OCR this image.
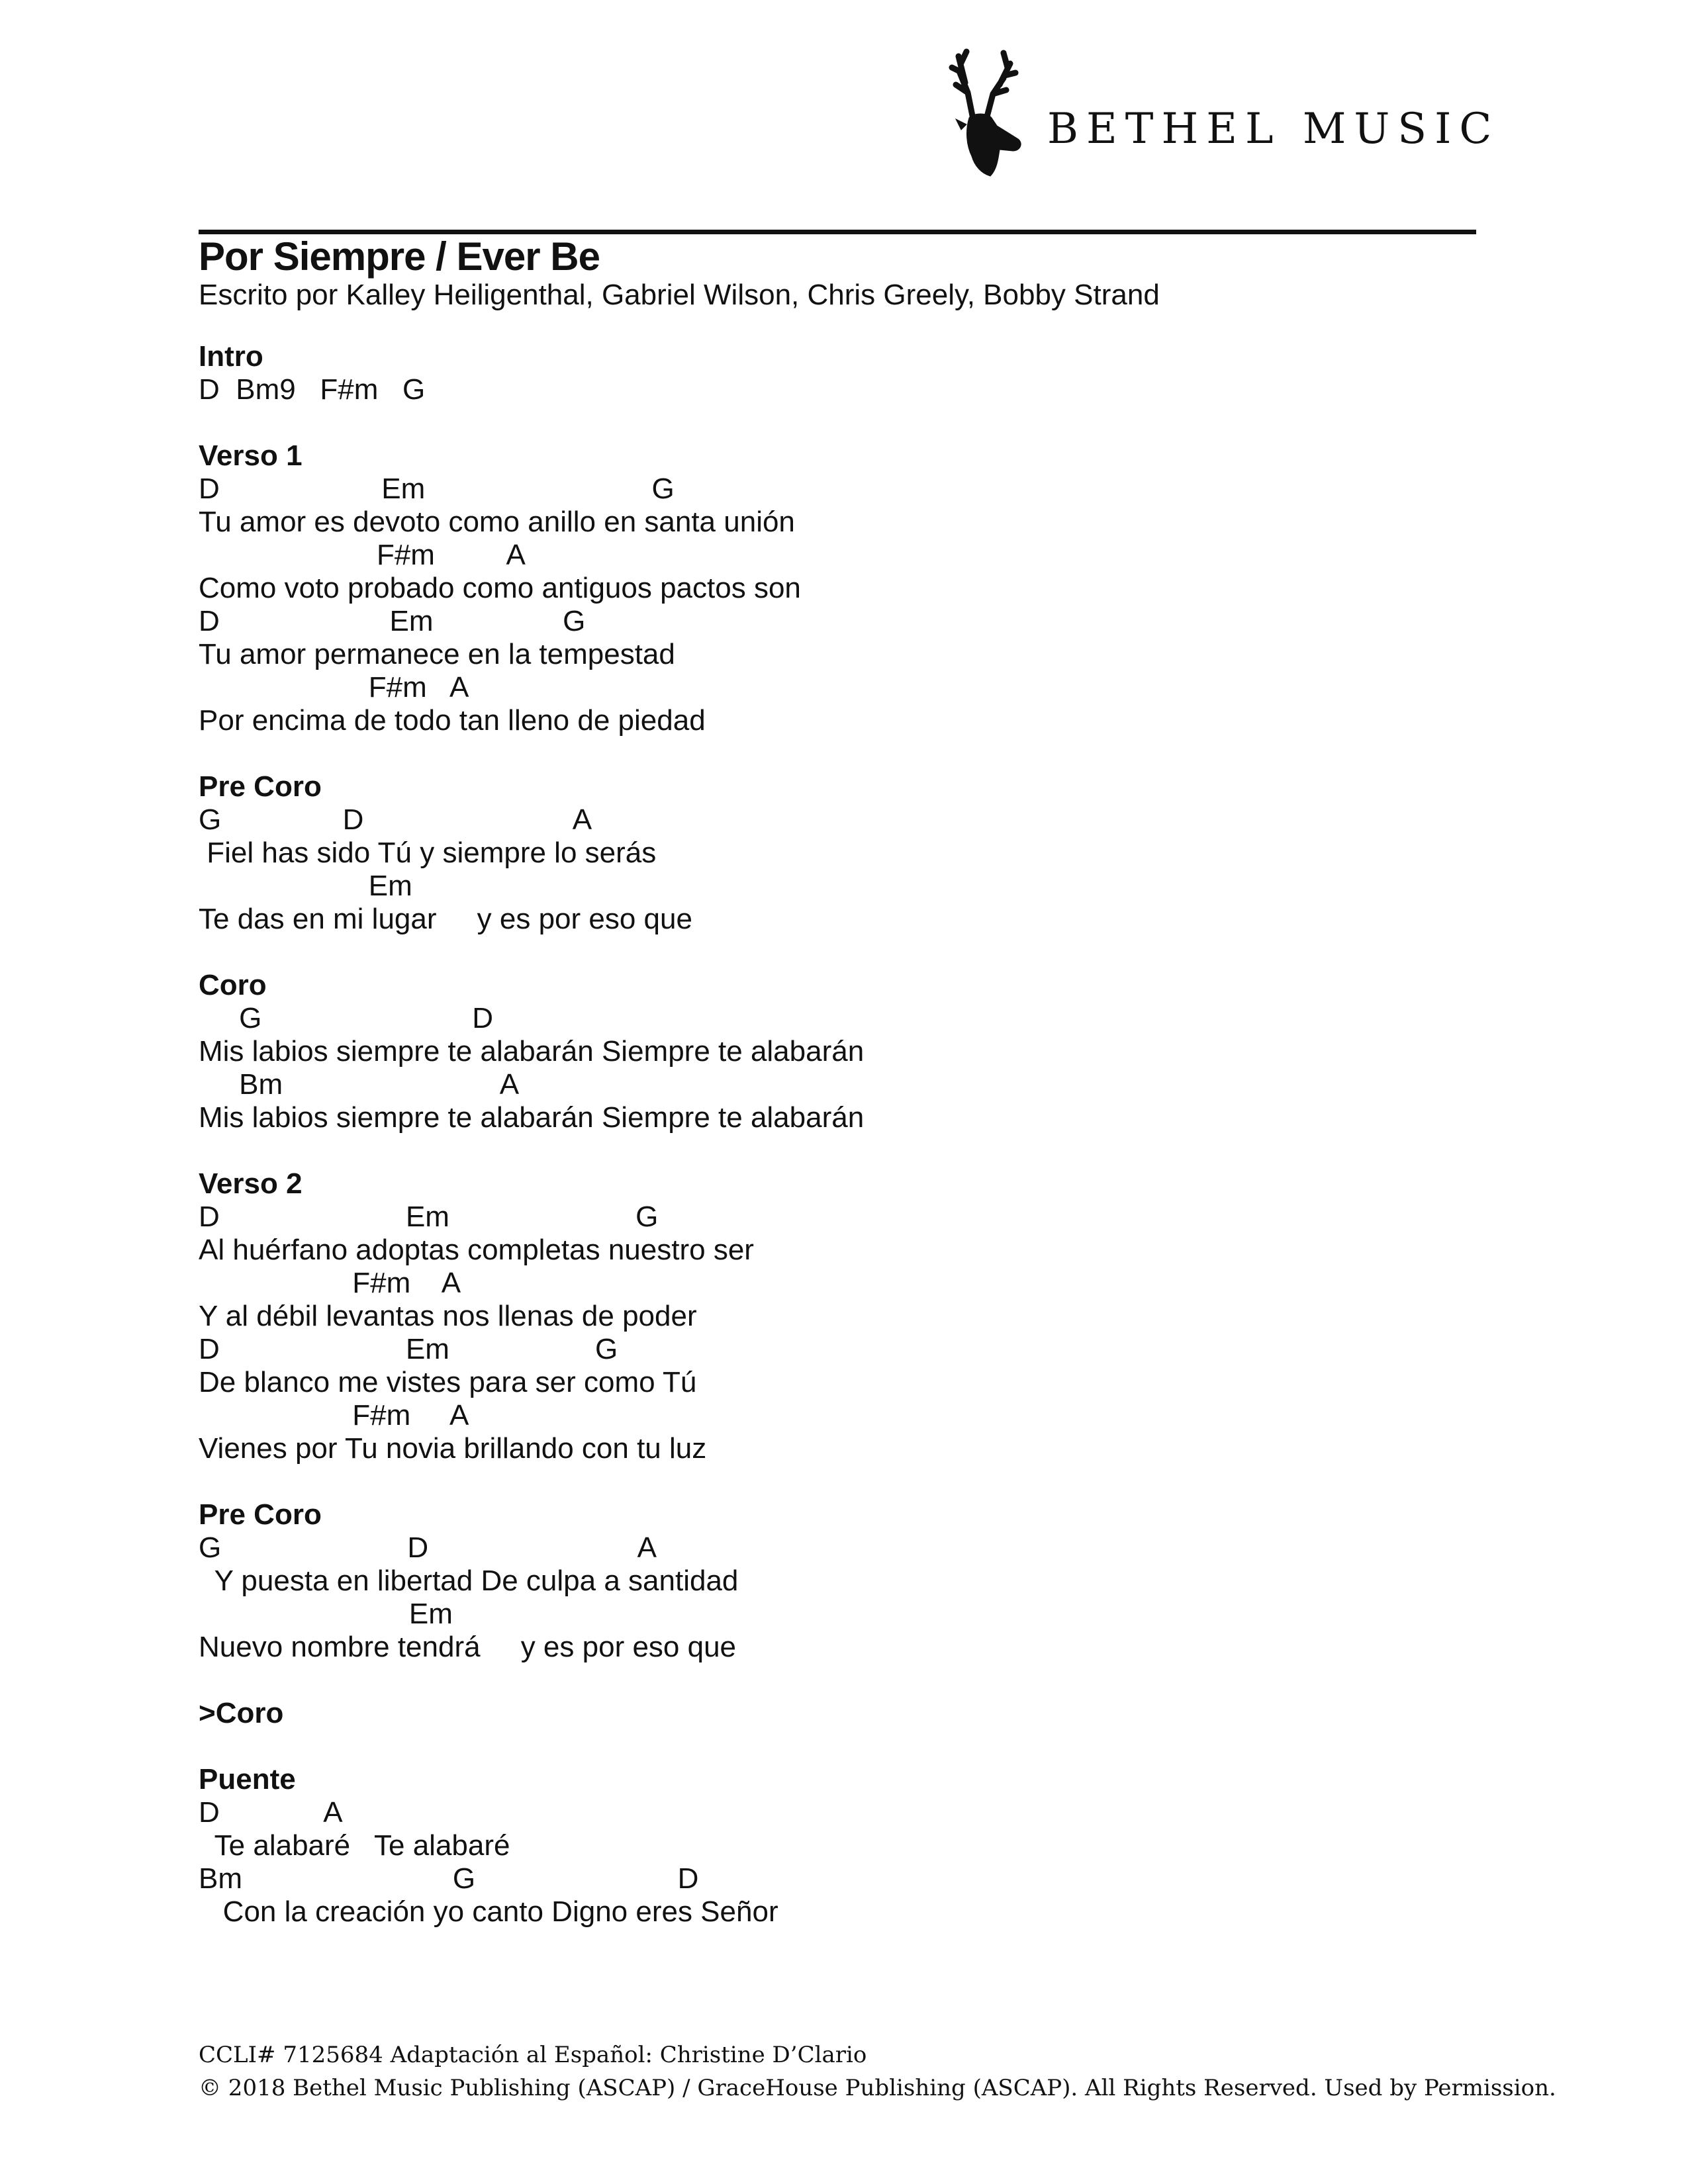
BETHEL MUSIC
Por Siempre / Ever Be
Escrito por Kalley Heiligenthal, Gabriel Wilson, Chris Greely, Bobby Strand
Intro
D  Bm9   F#m   G
Verso 1
D                    Em                            G
Tu amor es devoto como anillo en santa unión
F#m         A
Como voto probado como antiguos pactos son
D                     Em                G
Tu amor permanece en la tempestad
F#m   A
Por encima de todo tan lleno de piedad
Pre Coro
G               D                          A
Fiel has sido Tú y siempre lo serás
Em
Te das en mi lugar     y es por eso que
Coro
G                          D
Mis labios siempre te alabarán Siempre te alabarán
Bm                           A
Mis labios siempre te alabarán Siempre te alabarán
Verso 2
D                       Em                       G
Al huérfano adoptas completas nuestro ser
F#m    A
Y al débil levantas nos llenas de poder
D                       Em                  G
De blanco me vistes para ser como Tú
F#m     A
Vienes por Tu novia brillando con tu luz
Pre Coro
G                       D                          A
Y puesta en libertad De culpa a santidad
Em
Nuevo nombre tendrá     y es por eso que
>Coro
Puente
D             A
Te alabaré   Te alabaré
Bm                          G                         D
Con la creación yo canto Digno eres Señor
CCLI# 7125684 Adaptación al Español: Christine D’Clario
© 2018 Bethel Music Publishing (ASCAP) / GraceHouse Publishing (ASCAP). All Rights Reserved. Used by Permission.
